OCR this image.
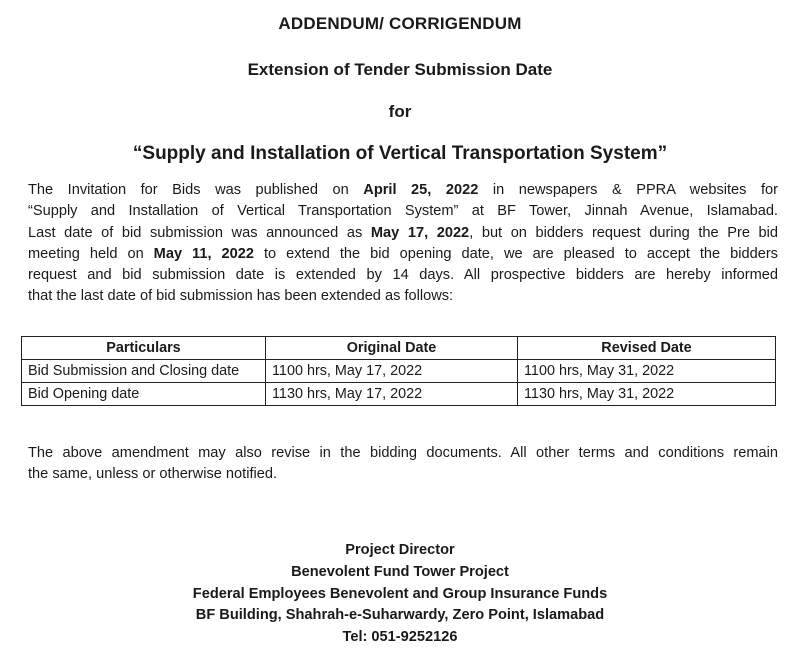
ADDENDUM/ CORRIGENDUM
Extension of Tender Submission Date
for
“Supply and Installation of Vertical Transportation System”
The Invitation for Bids was published on April 25, 2022 in newspapers & PPRA websites for
“Supply and Installation of Vertical Transportation System” at BF Tower, Jinnah Avenue, Islamabad.
Last date of bid submission was announced as May 17, 2022, but on bidders request during the Pre bid
meeting held on May 11, 2022 to extend the bid opening date, we are pleased to accept the bidders
request and bid submission date is extended by 14 days. All prospective bidders are hereby informed
that the last date of bid submission has been extended as follows:
Particulars	Original Date	Revised Date
Bid Submission and Closing date	1100 hrs, May 17, 2022	1100 hrs, May 31, 2022
Bid Opening date	1130 hrs, May 17, 2022	1130 hrs, May 31, 2022
The above amendment may also revise in the bidding documents. All other terms and conditions remain
the same, unless or otherwise notified.
Project Director
Benevolent Fund Tower Project
Federal Employees Benevolent and Group Insurance Funds
BF Building, Shahrah-e-Suharwardy, Zero Point, Islamabad
Tel: 051-9252126
